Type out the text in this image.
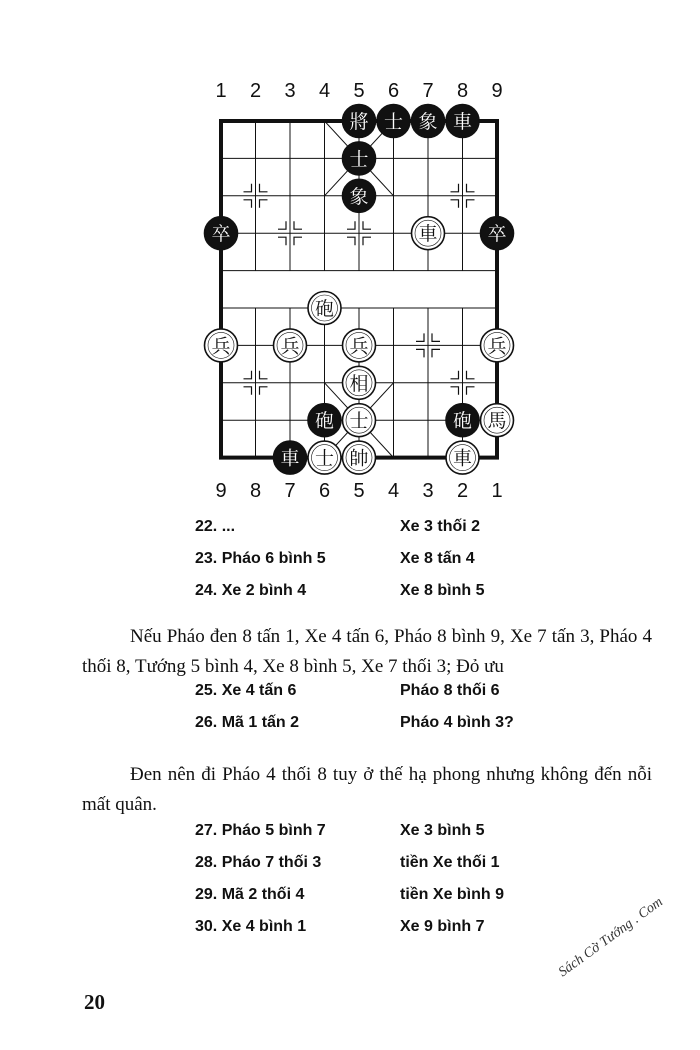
1 2 3 4 5 6 7 8 9
9 8 7 6 5 4 3 2 1
將 士 象 車
士
象
車
卒	卒
砲
兵	兵	兵	兵
相
砲 士	砲 馬
車 士 帥	車
22. ...	Xe 3 thối 2
23. Pháo 6 bình 5	Xe 8 tấn 4
24. Xe 2 bình 4	Xe 8 bình 5

Nếu Pháo đen 8 tấn 1, Xe 4 tấn 6, Pháo 8 bình 9, Xe 7 tấn 3, Pháo 4 thối 8, Tướng 5 bình 4, Xe 8 bình 5, Xe 7 thối 3; Đỏ ưu

25. Xe 4 tấn 6	Pháo 8 thối 6
26. Mã 1 tấn 2	Pháo 4 bình 3?

Đen nên đi Pháo 4 thối 8 tuy ở thế hạ phong nhưng không đến nỗi mất quân.

27. Pháo 5 bình 7	Xe 3 bình 5
28. Pháo 7 thối 3	tiền Xe thối 1
29. Mã 2 thối 4	tiền Xe bình 9
30. Xe 4 bình 1	Xe 9 bình 7
20
Sách Cờ Tướng . Com
